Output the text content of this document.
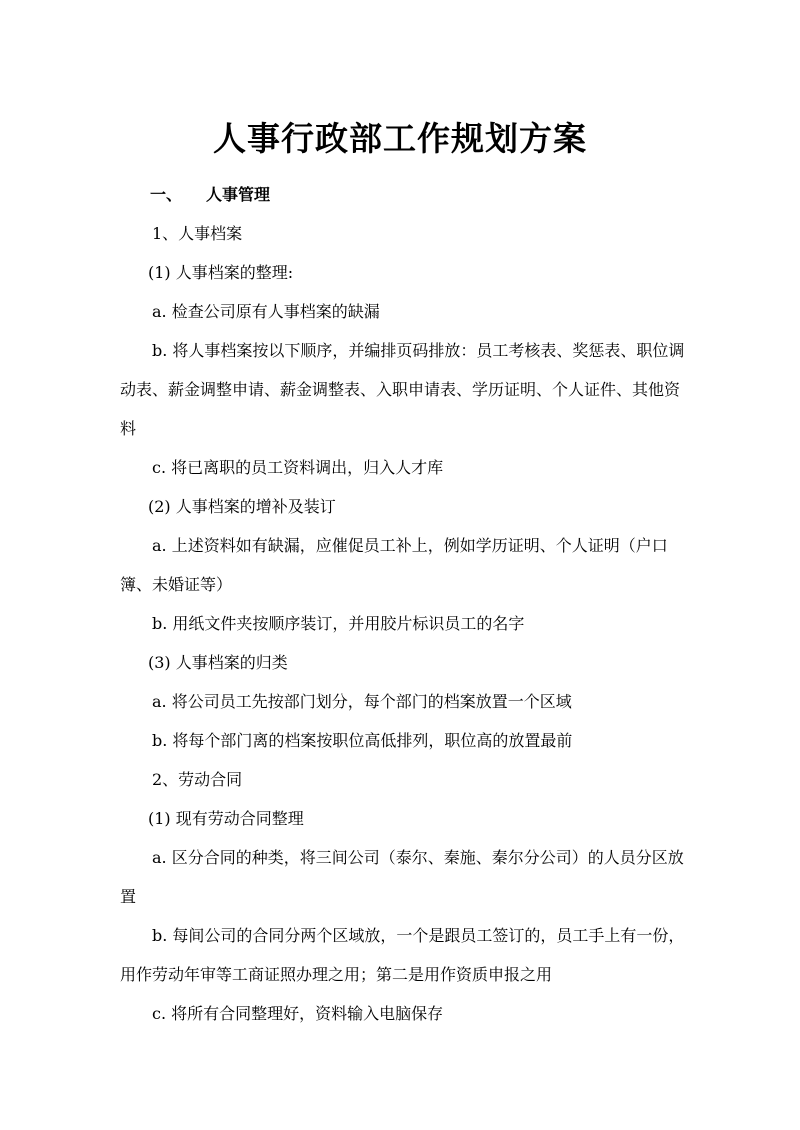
人事行政部工作规划方案

一、 人事管理

1、人事档案

(1) 人事档案的整理:

a. 检查公司原有人事档案的缺漏

b. 将人事档案按以下顺序，并编排页码排放：员工考核表、奖惩表、职位调动表、薪金调整申请、薪金调整表、入职申请表、学历证明、个人证件、其他资料

c. 将已离职的员工资料调出，归入人才库

(2) 人事档案的增补及装订

a. 上述资料如有缺漏，应催促员工补上，例如学历证明、个人证明（户口簿、未婚证等）

b. 用纸文件夹按顺序装订，并用胶片标识员工的名字

(3) 人事档案的归类

a. 将公司员工先按部门划分，每个部门的档案放置一个区域

b. 将每个部门离的档案按职位高低排列，职位高的放置最前

2、劳动合同

(1) 现有劳动合同整理

a. 区分合同的种类，将三间公司（泰尔、秦施、秦尔分公司）的人员分区放置

b. 每间公司的合同分两个区域放，一个是跟员工签订的，员工手上有一份，用作劳动年审等工商证照办理之用；第二是用作资质申报之用

c. 将所有合同整理好，资料输入电脑保存
